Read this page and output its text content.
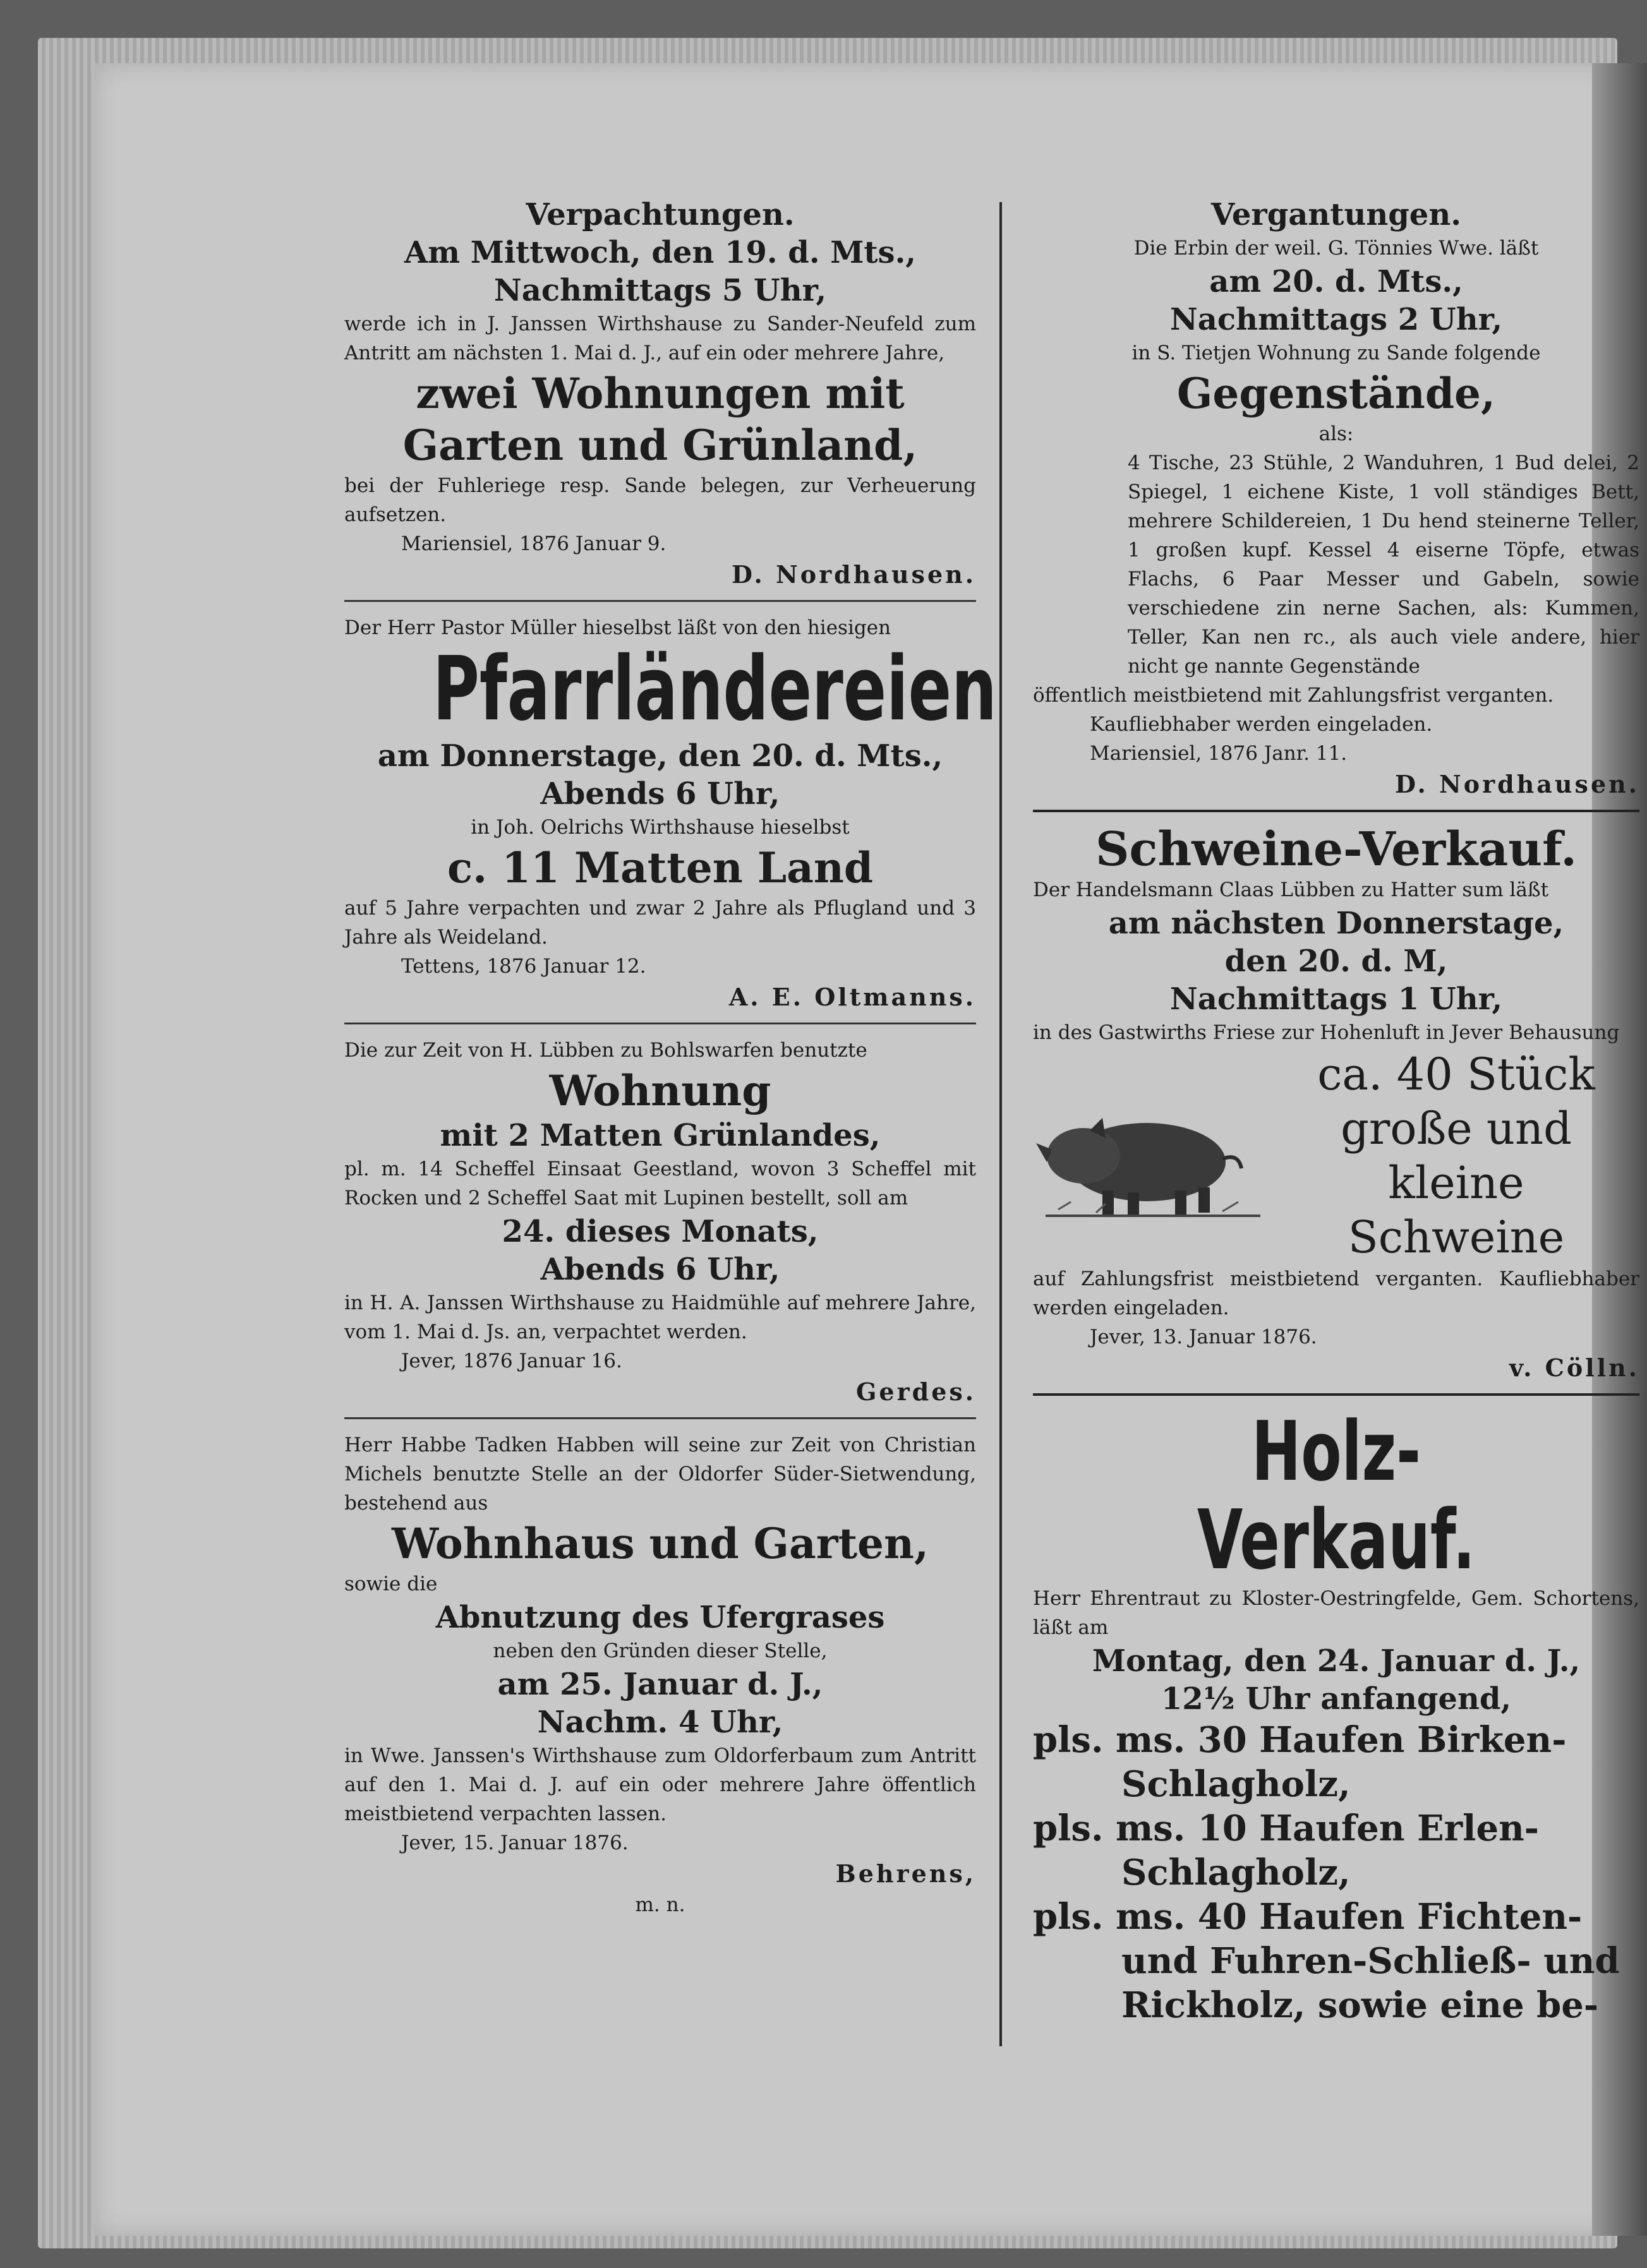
Verpachtungen.
Am Mittwoch, den 19. d. Mts.,
Nachmittags 5 Uhr,
werde ich in J. Janssen Wirthshause zu Sander-Neufeld zum Antritt am nächsten 1. Mai d. J., auf ein oder mehrere Jahre,
zwei Wohnungen mit
Garten und Grünland,
bei der Fuhleriege resp. Sande belegen, zur Verheuerung aufsetzen.
Mariensiel, 1876 Januar 9.
D. Nordhausen.
Der Herr Pastor Müller hieselbst läßt von den hiesigen
Pfarrländereien
am Donnerstage, den 20. d. Mts.,
Abends 6 Uhr,
in Joh. Oelrichs Wirthshause hieselbst
c. 11 Matten Land
auf 5 Jahre verpachten und zwar 2 Jahre als Pflugland und 3 Jahre als Weideland.
Tettens, 1876 Januar 12.
A. E. Oltmanns.
Die zur Zeit von H. Lübben zu Bohlswarfen benutzte
Wohnung
mit 2 Matten Grünlandes,
pl. m. 14 Scheffel Einsaat Geestland, wovon 3 Scheffel mit Rocken und 2 Scheffel Saat mit Lupinen bestellt, soll am
24. dieses Monats,
Abends 6 Uhr,
in H. A. Janssen Wirthshause zu Haidmühle auf mehrere Jahre, vom 1. Mai d. Js. an, verpachtet werden.
Jever, 1876 Januar 16.
Gerdes.
Herr Habbe Tadken Habben will seine zur Zeit von Christian Michels benutzte Stelle an der Oldorfer Süder-Sietwendung, bestehend aus
Wohnhaus und Garten,
sowie die
Abnutzung des Ufergrases
neben den Gründen dieser Stelle,
am 25. Januar d. J.,
Nachm. 4 Uhr,
in Wwe. Janssen's Wirthshause zum Oldorferbaum zum Antritt auf den 1. Mai d. J. auf ein oder mehrere Jahre öffentlich meistbietend verpachten lassen.
Jever, 15. Januar 1876.
Behrens,
m. n.
Vergantungen.
Die Erbin der weil. G. Tönnies Wwe. läßt
am 20. d. Mts.,
Nachmittags 2 Uhr,
in S. Tietjen Wohnung zu Sande folgende
Gegenstände,
als:
4 Tische, 23 Stühle, 2 Wanduhren, 1 Bud delei, 2 Spiegel, 1 eichene Kiste, 1 voll ständiges Bett, mehrere Schildereien, 1 Du hend steinerne Teller, 1 großen kupf. Kessel 4 eiserne Töpfe, etwas Flachs, 6 Paar Messer und Gabeln, sowie verschiedene zin nerne Sachen, als: Kummen, Teller, Kan nen rc., als auch viele andere, hier nicht ge nannte Gegenstände
öffentlich meistbietend mit Zahlungsfrist verganten.
Kaufliebhaber werden eingeladen.
Mariensiel, 1876 Janr. 11.
D. Nordhausen.
Schweine-Verkauf.
Der Handelsmann Claas Lübben zu Hatter sum läßt
am nächsten Donnerstage,
den 20. d. M,
Nachmittags 1 Uhr,
in des Gastwirths Friese zur Hohenluft in Jever Behausung
ca. 40 Stück
große und kleine
Schweine
auf Zahlungsfrist meistbietend verganten. Kaufliebhaber werden eingeladen.
Jever, 13. Januar 1876.
v. Cölln.
Holz-Verkauf.
Herr Ehrentraut zu Kloster-Oestringfelde, Gem. Schortens, läßt am
Montag, den 24. Januar d. J.,
12½ Uhr anfangend,
pls. ms. 30 Haufen Birken-
Schlagholz,
pls. ms. 10 Haufen Erlen-
Schlagholz,
pls. ms. 40 Haufen Fichten-
und Fuhren-Schließ- und
Rickholz, sowie eine be-
